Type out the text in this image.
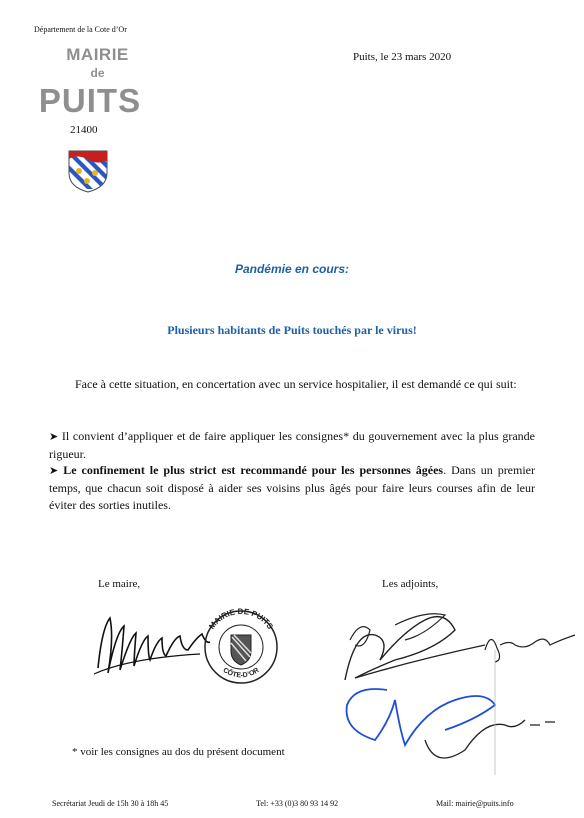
Département de la Cote d’Or
MAIRIE
de
PUITS
21400
Puits, le 23 mars 2020
Pandémie en cours:
Plusieurs habitants de Puits touchés par le virus!
Face à cette situation, en concertation avec un service hospitalier, il est demandé ce qui suit:
➤ Il convient d’appliquer et de faire appliquer les consignes* du gouvernement avec la plus grande rigueur.
➤ Le confinement le plus strict est recommandé pour les personnes âgées. Dans un premier temps, que chacun soit disposé à aider ses voisins plus âgés pour faire leurs courses afin de leur éviter des sorties inutiles.
Le maire,	Les adjoints,
MAIRIE DE PUITS
CÔTE-D’OR
* voir les consignes au dos du présent document
Secrétariat Jeudi de 15h 30 à 18h 45	Tel: +33 (0)3 80 93 14 92	Mail: mairie@puits.info
